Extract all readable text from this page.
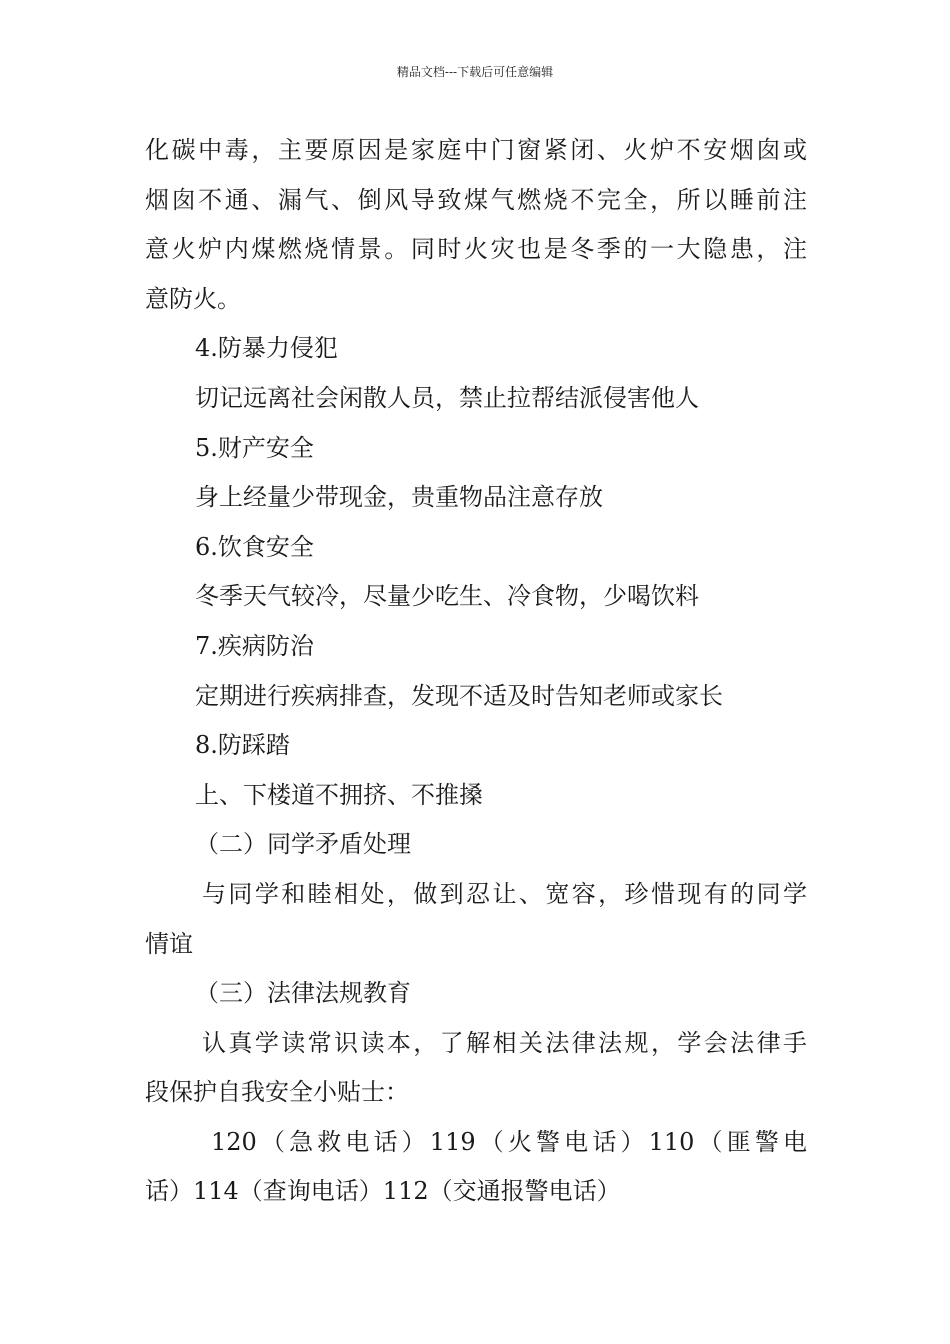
精品文档---下载后可任意编辑

化碳中毒，主要原因是家庭中门窗紧闭、火炉不安烟囱或

烟囱不通、漏气、倒风导致煤气燃烧不完全，所以睡前注

意火炉内煤燃烧情景。同时火灾也是冬季的一大隐患，注

意防火。

4.防暴力侵犯

切记远离社会闲散人员，禁止拉帮结派侵害他人

5.财产安全

身上经量少带现金，贵重物品注意存放

6.饮食安全

冬季天气较冷，尽量少吃生、冷食物，少喝饮料

7.疾病防治

定期进行疾病排查，发现不适及时告知老师或家长

8.防踩踏

上、下楼道不拥挤、不推搡

（二）同学矛盾处理

与同学和睦相处，做到忍让、宽容，珍惜现有的同学

情谊

（三）法律法规教育

认真学读常识读本，了解相关法律法规，学会法律手

段保护自我安全小贴士：

120（急救电话）119（火警电话）110（匪警电

话）114（查询电话）112（交通报警电话）
